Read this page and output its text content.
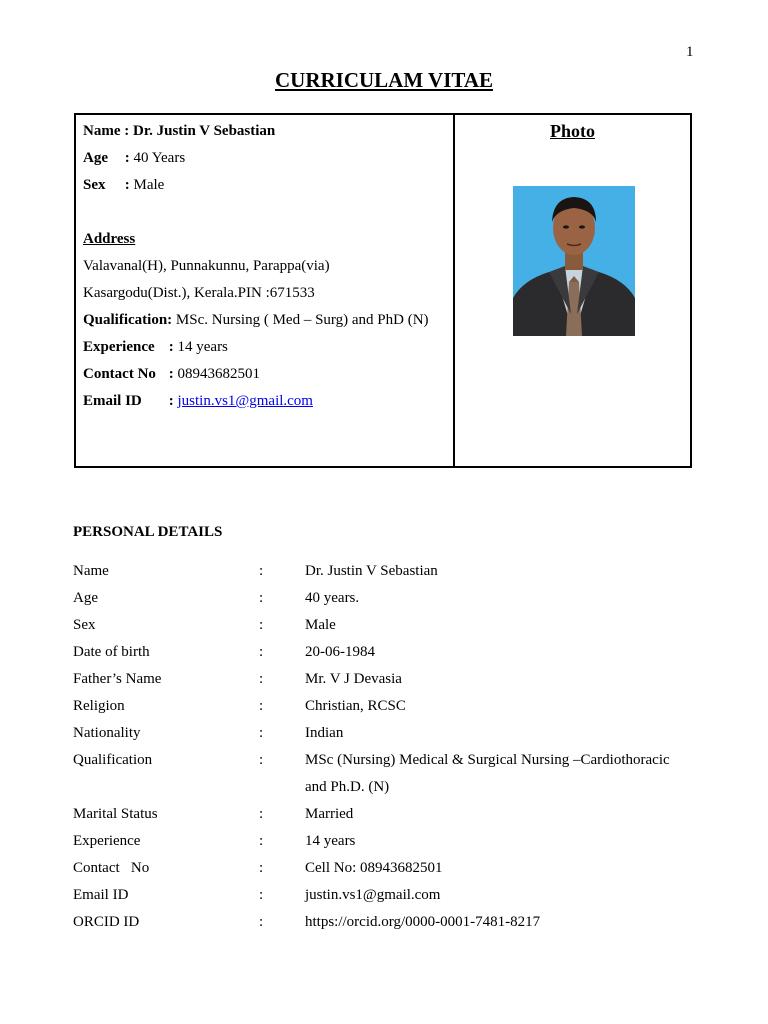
1
CURRICULAM VITAE
Name : Dr. Justin V Sebastian
Age : 40 Years
Sex : Male
Address
Valavanal(H), Punnakunnu, Parappa(via)
Kasargodu(Dist.), Kerala.PIN :671533
Qualification: MSc. Nursing ( Med – Surg) and PhD (N)
Experience : 14 years
Contact No : 08943682501
Email ID : justin.vs1@gmail.com
Photo
PERSONAL DETAILS
Name	:	Dr. Justin V Sebastian
Age	:	40 years.
Sex	:	Male
Date of birth	:	20-06-1984
Father’s Name	:	Mr. V J Devasia
Religion	:	Christian, RCSC
Nationality	:	Indian
Qualification	:	MSc (Nursing) Medical & Surgical Nursing –Cardiothoracic
and Ph.D. (N)
Marital Status	:	Married
Experience	:	14 years
Contact   No	:	Cell No: 08943682501
Email ID	:	justin.vs1@gmail.com
ORCID ID	:	https://orcid.org/0000-0001-7481-8217
